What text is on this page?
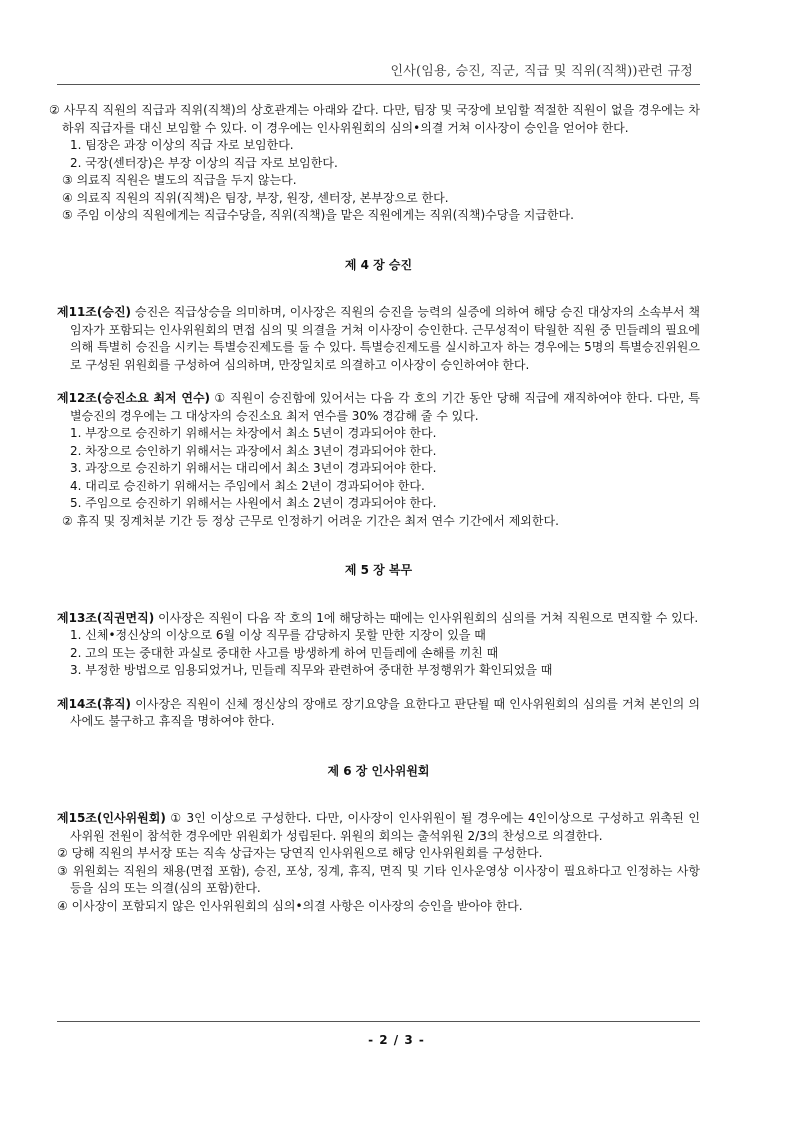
인사(임용, 승진, 직군, 직급 및 직위(직책))관련 규정

② 사무직 직원의 직급과 직위(직책)의 상호관계는 아래와 같다. 다만, 팀장 및 국장에 보임할 적절한 직원이 없을 경우에는 차하위 직급자를 대신 보임할 수 있다. 이 경우에는 인사위원회의 심의•의결 거쳐 이사장이 승인을 얻어야 한다.

1. 팀장은 과장 이상의 직급 자로 보임한다.

2. 국장(센터장)은 부장 이상의 직급 자로 보임한다.

③ 의료직 직원은 별도의 직급을 두지 않는다.

④ 의료직 직원의 직위(직책)은 팀장, 부장, 원장, 센터장, 본부장으로 한다.

⑤ 주임 이상의 직원에게는 직급수당을, 직위(직책)을 맡은 직원에게는 직위(직책)수당을 지급한다.

제 4 장 승진

제11조(승진) 승진은 직급상승을 의미하며, 이사장은 직원의 승진을 능력의 실증에 의하여 해당 승진 대상자의 소속부서 책임자가 포함되는 인사위원회의 면접 심의 및 의결을 거쳐 이사장이 승인한다. 근무성적이 탁월한 직원 중 민들레의 필요에 의해 특별히 승진을 시키는 특별승진제도를 둘 수 있다. 특별승진제도를 실시하고자 하는 경우에는 5명의 특별승진위원으로 구성된 위원회를 구성하여 심의하며, 만장일치로 의결하고 이사장이 승인하여야 한다.

제12조(승진소요 최저 연수) ① 직원이 승진함에 있어서는 다음 각 호의 기간 동안 당해 직급에 재직하여야 한다. 다만, 특별승진의 경우에는 그 대상자의 승진소요 최저 연수를 30% 경감해 줄 수 있다.

1. 부장으로 승진하기 위해서는 차장에서 최소 5년이 경과되어야 한다.

2. 차장으로 승인하기 위해서는 과장에서 최소 3년이 경과되어야 한다.

3. 과장으로 승진하기 위해서는 대리에서 최소 3년이 경과되어야 한다.

4. 대리로 승진하기 위해서는 주임에서 최소 2년이 경과되어야 한다.

5. 주임으로 승진하기 위해서는 사원에서 최소 2년이 경과되어야 한다.

② 휴직 및 징계처분 기간 등 정상 근무로 인정하기 어려운 기간은 최저 연수 기간에서 제외한다.

제 5 장 복무

제13조(직권면직) 이사장은 직원이 다음 작 호의 1에 해당하는 때에는 인사위원회의 심의를 거쳐 직원으로 면직할 수 있다.

1. 신체•정신상의 이상으로 6월 이상 직무를 감당하지 못할 만한 지장이 있을 때

2. 고의 또는 중대한 과실로 중대한 사고를 방생하게 하여 민들레에 손해를 끼친 때

3. 부정한 방법으로 임용되었거나, 민들레 직무와 관련하여 중대한 부정행위가 확인되었을 때

제14조(휴직) 이사장은 직원이 신체 정신상의 장애로 장기요양을 요한다고 판단될 때 인사위원회의 심의를 거쳐 본인의 의사에도 불구하고 휴직을 명하여야 한다.

제 6 장 인사위원회

제15조(인사위원회) ① 3인 이상으로 구성한다. 다만, 이사장이 인사위원이 될 경우에는 4인이상으로 구성하고 위촉된 인사위원 전원이 참석한 경우에만 위원회가 성립된다. 위원의 회의는 출석위원 2/3의 찬성으로 의결한다.

② 당해 직원의 부서장 또는 직속 상급자는 당연직 인사위원으로 해당 인사위원회를 구성한다.

③ 위원회는 직원의 채용(면접 포함), 승진, 포상, 징계, 휴직, 면직 및 기타 인사운영상 이사장이 필요하다고 인정하는 사항 등을 심의 또는 의결(심의 포함)한다.

④ 이사장이 포함되지 않은 인사위원회의 심의•의결 사항은 이사장의 승인을 받아야 한다.

- 2 / 3 -
